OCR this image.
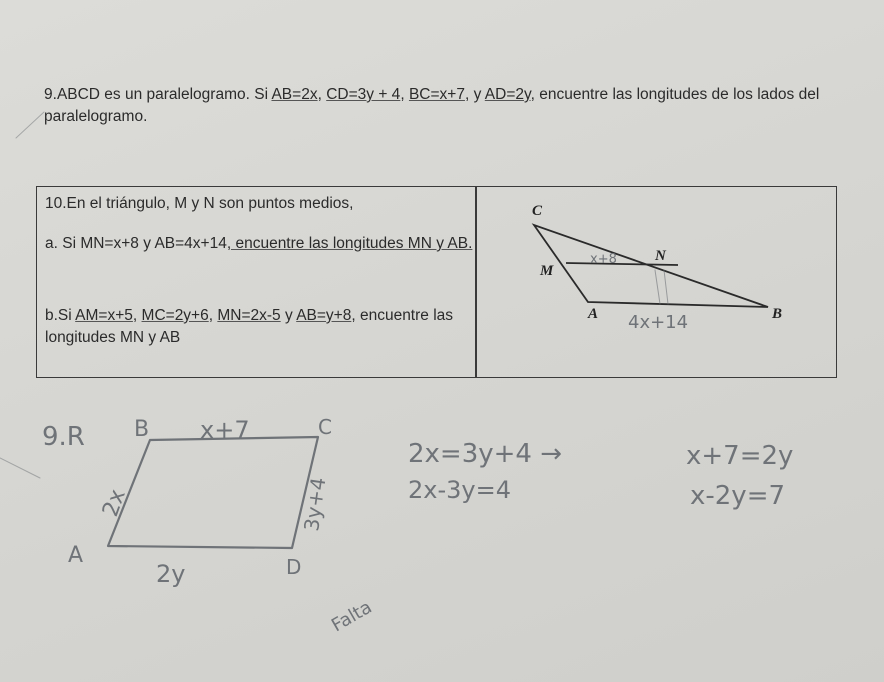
9.ABCD es un paralelogramo. Si AB=2x, CD=3y + 4, BC=x+7, y AD=2y, encuentre las longitudes de los lados del paralelogramo.
10.En el triángulo, M y N son puntos medios,
a. Si MN=x+8 y AB=4x+14, encuentre las longitudes MN y AB.
b.Si AM=x+5, MC=2y+6, MN=2x-5 y AB=y+8, encuentre las longitudes MN y AB
C
M
N
A	B
x+8
4x+14
9.R B x+7	C
2x	3y+4
A
2y	D
2x=3y+4 →
2x-3y=4
x+7=2y
x-2y=7
Falta
